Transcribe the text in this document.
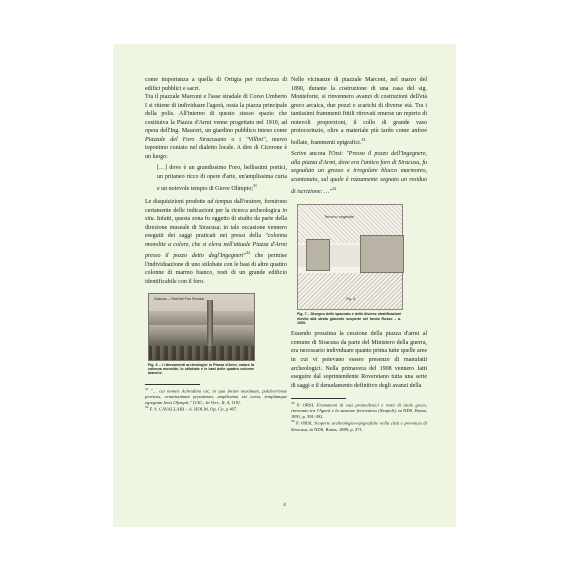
come importanza a quella di Ortigia per ricchezza di edifici pubblici e sacri.

Tra il piazzale Marconi e l'asse stradale di Corso Umberto I si ritiene di individuare l'agorà, ossia la piazza principale della polis. All'interno di questo stesso spazio che costituiva la Piazza d'Armi venne progettato nel 1910, ad opera dell'Ing. Mauceri, un giardino pubblico inteso come Piazzale del Foro Siracusano o i "Villini", nuovo toponimo coniato nel dialetto locale. A dire di Cicerone è un luogo:

[…] dove è un grandissimo Foro, bellissimi portici, un pritaneo ricco di opere d'arte, un'amplissima curia e un notevole tempio di Giove Olimpio;$^{31}$

Le disquisizioni prodotte ad tempus dall'oratore, fornirono certamente delle indicazioni per la ricerca archeologica in situ. Infatti, questa zona fu oggetto di studio da parte della direzione museale di Siracusa; in tale occasione vennero eseguiti dei saggi praticati nei pressi della "colonna monolite a colore, che si eleva nell'attuale Piazza d'Armi presso il pozzo detto degl'Ingegneri"$^{32}$ che permise l'individuazione di uno stilobate con le basi di altre quattro colonne di marmo bianco, resti di un grande edificio identificabile con il foro.

Siracusa — Resti del Foro Romano
Fig. 6 – I ritrovamenti archeologici in Piazza d'Armi, notare la colonna monolite, lo stilobate e le basi delle quattro colonne bianche.

$^{31}$ "… cui nomen Achradina est; in qua forum maximum, pulcherrimae porticus, ornatissimum prytaneum, amplissima est curia, templumque egregium Iovis Olympii;" [CIC., In Verr., II, 4, 119].

$^{32}$ F. S. CAVALLARI – A. HOLM, Op. Cit, p 407.

Nelle vicinanze di piazzale Marconi, nel marzo del 1890, durante la costruzione di una casa del sig. Monteforte, si rinvennero avanzi di costruzioni dell'età greco arcaica, due pozzi e scarichi di diverse età. Tra i tantissimi frammenti fittili ritrovati emerse un reperto di notevoli proporzioni, il collo di grande vaso protocorinzio, oltre a materiale più tardo come anfore bollate, frammenti epigrafici.$^{33}$

Scrive ancora l'Orsi: "Presso il pozzo dell'Ingegnere, alla piazza d'Armi, dove era l'antico foro di Siracusa, fu segnalato un grosso e irregolare blocco marmoreo, scantonato, sul quale è rozzamente segnato un residuo di iscrizione: …"$^{34}$

Terreno vegetale
Fig. 4
Fig. 7 – Disegno delle spaccato e delle diverse stratificazioni rilevite alla strato giacente scoperte nel fondo Russo – a. 1909.

Essendo prossima la cessione della piazza d'armi al comune di Siracusa da parte del Ministero della guerra, era necessario individuare quanto prima tutte quelle aree in cui vi potevano essere presenze di manufatti archeologici. Nella primavera del 1908 vennero fatti eseguire dal soprintendente Roveretano tutta una serie di saggi e il denudamento definitivo degli avanzi della

$^{33}$ P. ORSI, Frammenti di vasi protoellenici e resto di titolo greco, rinvenuto tra l'Agorà e la stazione ferroviaria (Neapoli), in NDS, Roma, 1891, p. 391-392.

$^{34}$ P. ORSI, Scoperte archeologico-epigrafiche nella città e provincia di Siracusa, in NDS, Roma, 1889, p. 371.

4
